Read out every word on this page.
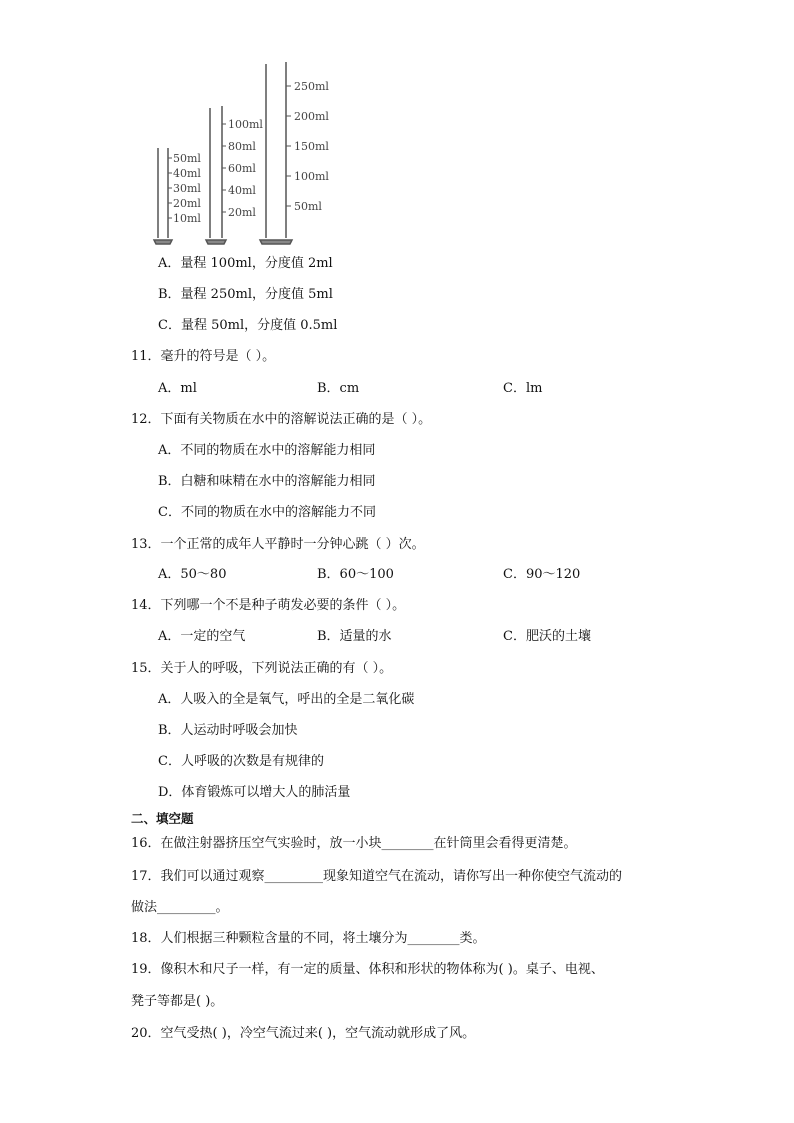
50ml
40ml
30ml
20ml
10ml
100ml
80ml
60ml
40ml
20ml
250ml
200ml
150ml
100ml
50ml
A．量程 100ml，分度值 2ml
B．量程 250ml，分度值 5ml
C．量程 50ml，分度值 0.5ml
11．毫升的符号是（ ）。
A．ml	B．cm	C．lm
12．下面有关物质在水中的溶解说法正确的是（ ）。
A．不同的物质在水中的溶解能力相同
B．白糖和味精在水中的溶解能力相同
C．不同的物质在水中的溶解能力不同
13．一个正常的成年人平静时一分钟心跳（ ）次。
A．50～80	B．60～100	C．90～120
14．下列哪一个不是种子萌发必要的条件（ ）。
A．一定的空气	B．适量的水	C．肥沃的土壤
15．关于人的呼吸，下列说法正确的有（ ）。
A．人吸入的全是氧气，呼出的全是二氧化碳
B．人运动时呼吸会加快
C．人呼吸的次数是有规律的
D．体育锻炼可以增大人的肺活量
二、填空题
16．在做注射器挤压空气实验时，放一小块________在针筒里会看得更清楚。
17．我们可以通过观察_________现象知道空气在流动，请你写出一种你使空气流动的
做法_________。
18．人们根据三种颗粒含量的不同，将土壤分为________类。
19．像积木和尺子一样，有一定的质量、体积和形状的物体称为( )。桌子、电视、
凳子等都是( )。
20．空气受热( )，冷空气流过来( )，空气流动就形成了风。
